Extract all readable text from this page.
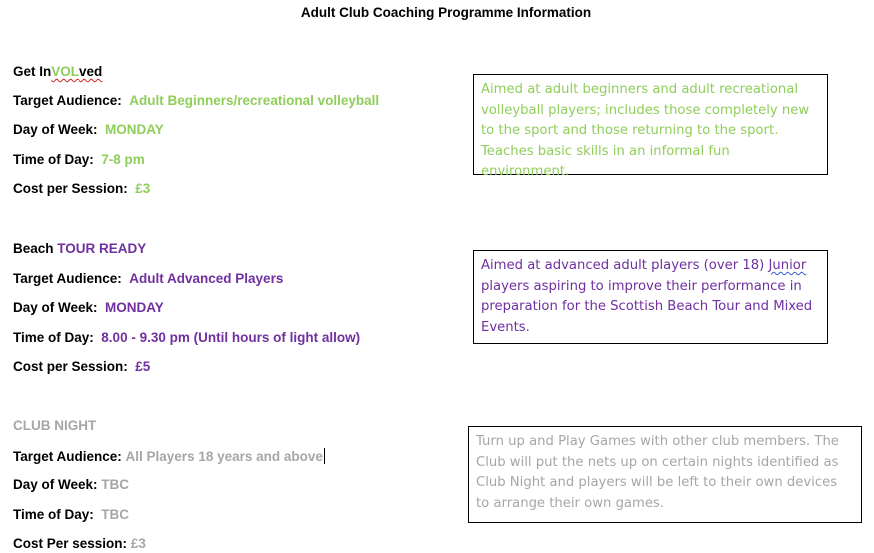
Adult Club Coaching Programme Information
Get InVOLved
Target Audience: Adult Beginners/recreational volleyball
Day of Week: MONDAY
Time of Day: 7-8 pm
Cost per Session: £3
Beach TOUR READY
Target Audience: Adult Advanced Players
Day of Week: MONDAY
Time of Day: 8.00 - 9.30 pm (Until hours of light allow)
Cost per Session: £5
CLUB NIGHT
Target Audience: All Players 18 years and above
Day of Week: TBC
Time of Day: TBC
Cost Per session: £3
Aimed at adult beginners and adult recreational volleyball players; includes those completely new to the sport and those returning to the sport. Teaches basic skills in an informal fun environment.
Aimed at advanced adult players (over 18) Junior players aspiring to improve their performance in preparation for the Scottish Beach Tour and Mixed Events.
Turn up and Play Games with other club members. The Club will put the nets up on certain nights identified as Club Night and players will be left to their own devices to arrange their own games.
